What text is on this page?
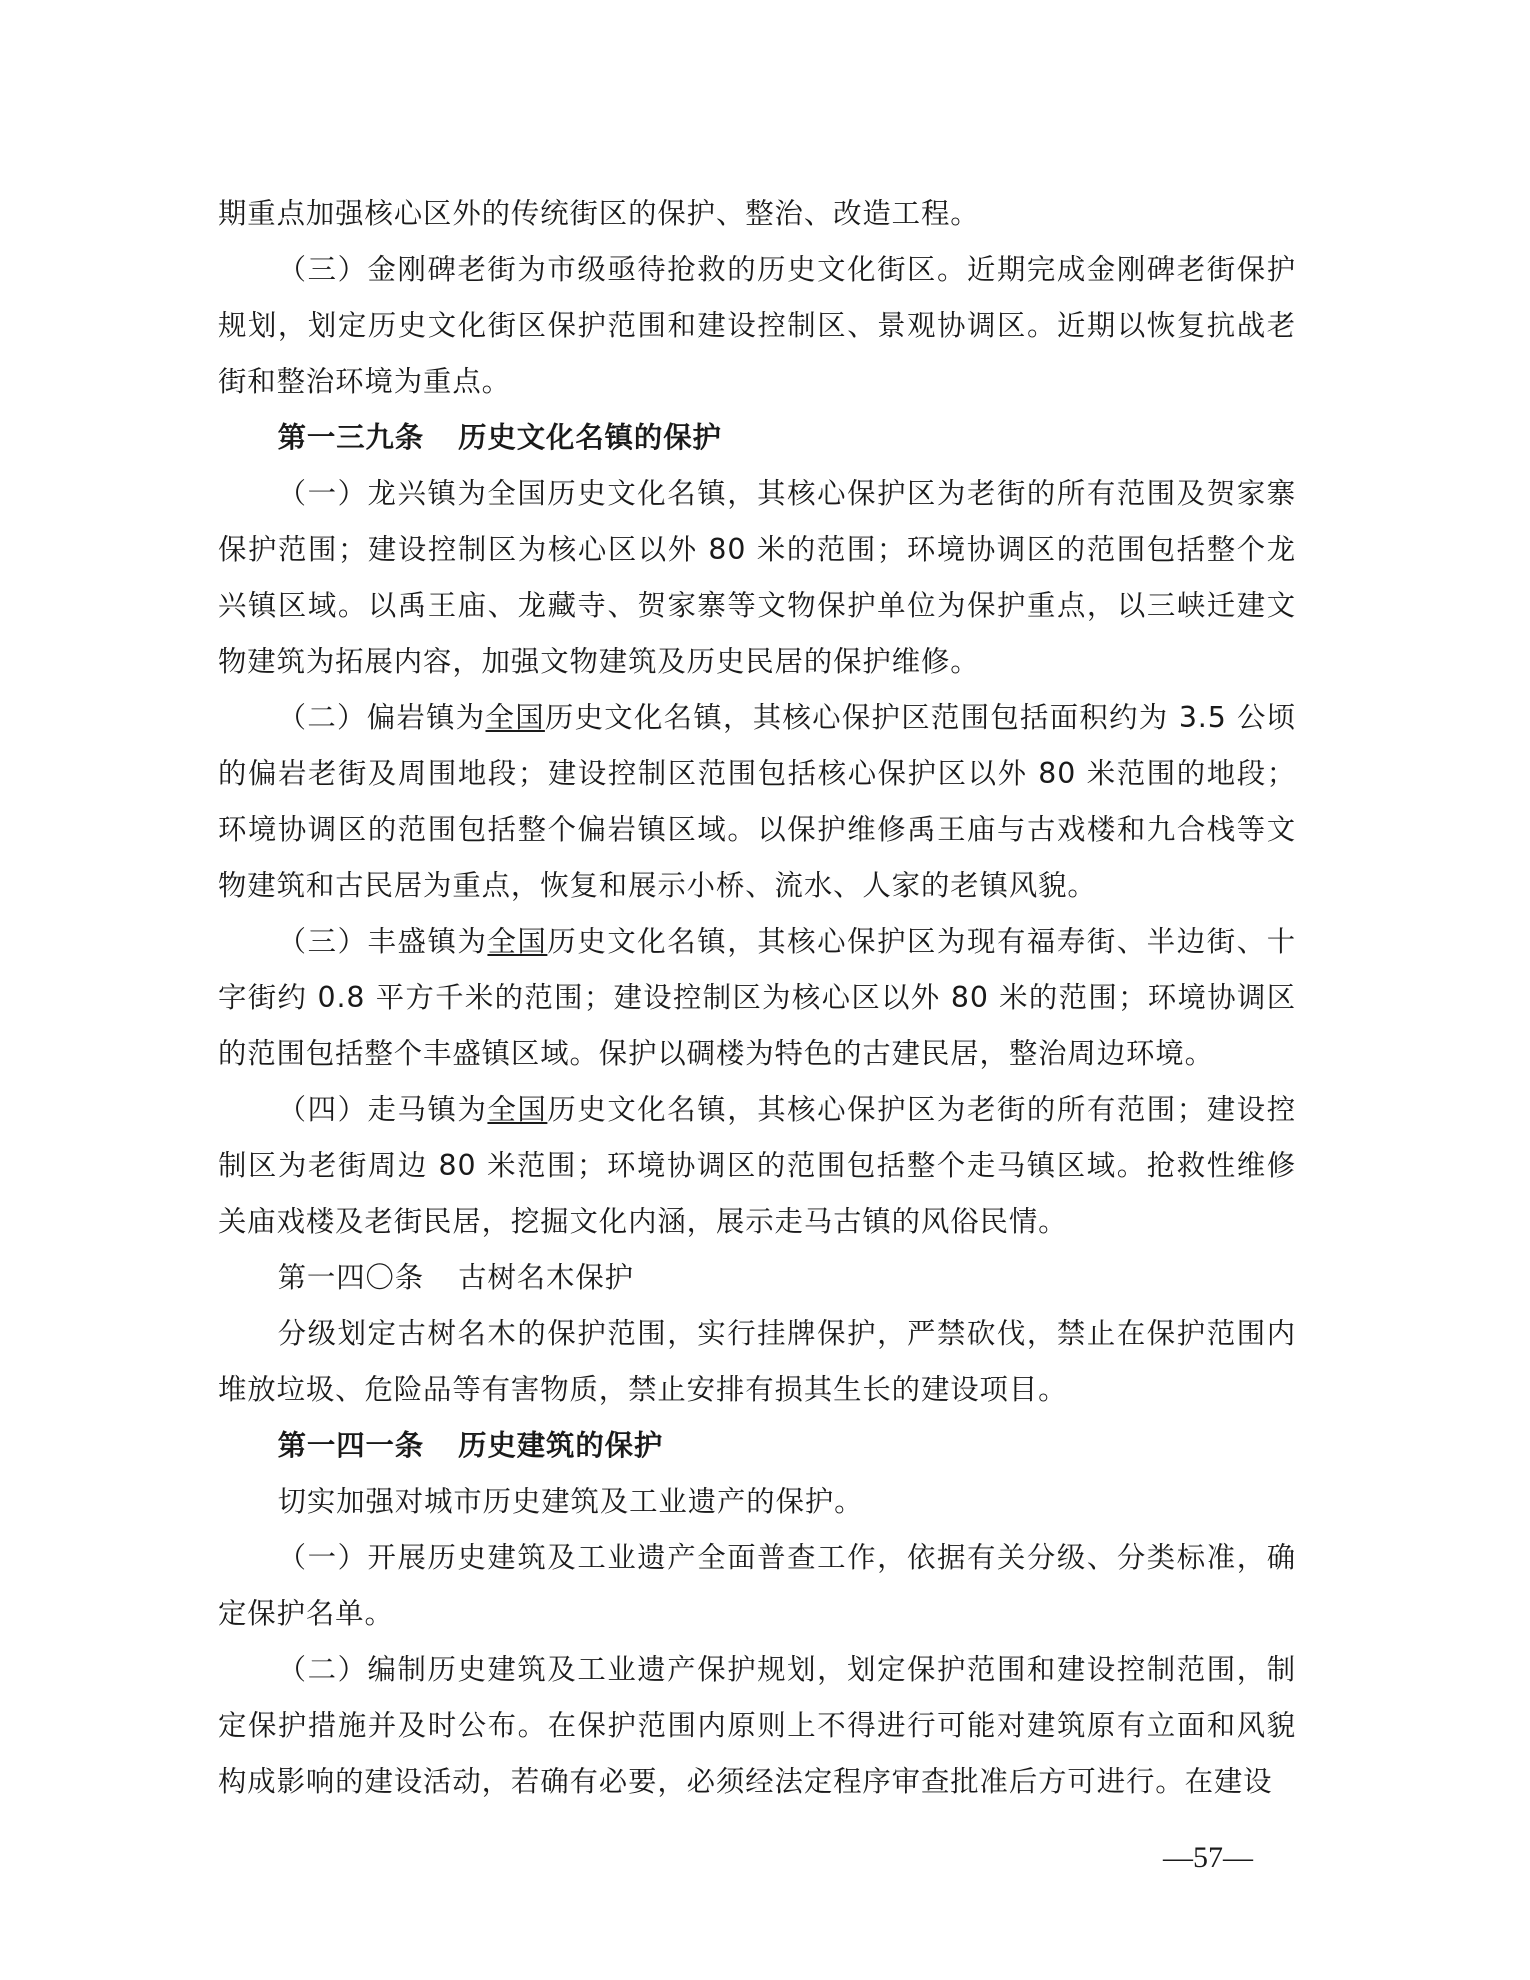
期重点加强核心区外的传统街区的保护、整治、改造工程。

（三）金刚碑老街为市级亟待抢救的历史文化街区。近期完成金刚碑老街保护规划，划定历史文化街区保护范围和建设控制区、景观协调区。近期以恢复抗战老街和整治环境为重点。

第一三九条 历史文化名镇的保护

（一）龙兴镇为全国历史文化名镇，其核心保护区为老街的所有范围及贺家寨保护范围；建设控制区为核心区以外 80 米的范围；环境协调区的范围包括整个龙兴镇区域。以禹王庙、龙藏寺、贺家寨等文物保护单位为保护重点，以三峡迁建文物建筑为拓展内容，加强文物建筑及历史民居的保护维修。

（二）偏岩镇为全国历史文化名镇，其核心保护区范围包括面积约为 3.5 公顷的偏岩老街及周围地段；建设控制区范围包括核心保护区以外 80 米范围的地段；环境协调区的范围包括整个偏岩镇区域。以保护维修禹王庙与古戏楼和九合栈等文物建筑和古民居为重点，恢复和展示小桥、流水、人家的老镇风貌。

（三）丰盛镇为全国历史文化名镇，其核心保护区为现有福寿街、半边街、十字街约 0.8 平方千米的范围；建设控制区为核心区以外 80 米的范围；环境协调区的范围包括整个丰盛镇区域。保护以碉楼为特色的古建民居，整治周边环境。

（四）走马镇为全国历史文化名镇，其核心保护区为老街的所有范围；建设控制区为老街周边 80 米范围；环境协调区的范围包括整个走马镇区域。抢救性维修关庙戏楼及老街民居，挖掘文化内涵，展示走马古镇的风俗民情。

第一四〇条 古树名木保护

分级划定古树名木的保护范围，实行挂牌保护，严禁砍伐，禁止在保护范围内堆放垃圾、危险品等有害物质，禁止安排有损其生长的建设项目。

第一四一条 历史建筑的保护

切实加强对城市历史建筑及工业遗产的保护。

（一）开展历史建筑及工业遗产全面普查工作，依据有关分级、分类标准，确定保护名单。

（二）编制历史建筑及工业遗产保护规划，划定保护范围和建设控制范围，制定保护措施并及时公布。在保护范围内原则上不得进行可能对建筑原有立面和风貌构成影响的建设活动，若确有必要，必须经法定程序审查批准后方可进行。在建设

—57—
